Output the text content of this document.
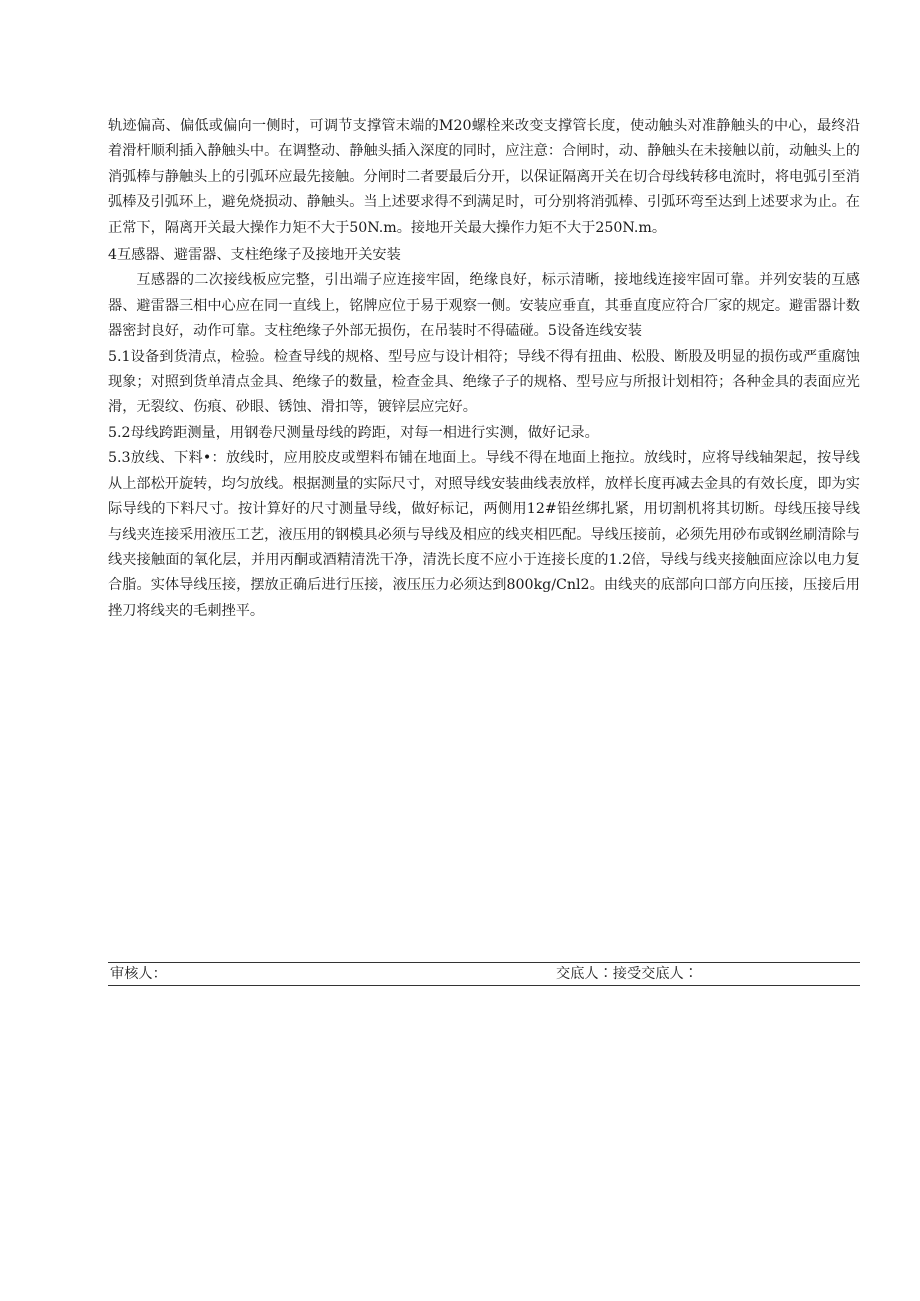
轨迹偏高、偏低或偏向一侧时，可调节支撑管末端的M20螺栓来改变支撑管长度，使动触头对准静触头的中心，最终沿着滑杆顺利插入静触头中。在调整动、静触头插入深度的同时，应注意：合闸时，动、静触头在未接触以前，动触头上的消弧棒与静触头上的引弧环应最先接触。分闸时二者要最后分开，以保证隔离开关在切合母线转移电流时，将电弧引至消弧棒及引弧环上，避免烧损动、静触头。当上述要求得不到满足时，可分别将消弧棒、引弧环弯至达到上述要求为止。在正常下，隔离开关最大操作力矩不大于50N.m。接地开关最大操作力矩不大于250N.m。

4互感器、避雷器、支柱绝缘子及接地开关安装

互感器的二次接线板应完整，引出端子应连接牢固，绝缘良好，标示清晰，接地线连接牢固可靠。并列安装的互感器、避雷器三相中心应在同一直线上，铭牌应位于易于观察一侧。安装应垂直，其垂直度应符合厂家的规定。避雷器计数器密封良好，动作可靠。支柱绝缘子外部无损伤，在吊装时不得磕碰。5设备连线安装

5.1设备到货清点，检验。检查导线的规格、型号应与设计相符；导线不得有扭曲、松股、断股及明显的损伤或严重腐蚀现象；对照到货单清点金具、绝缘子的数量，检查金具、绝缘子子的规格、型号应与所报计划相符；各种金具的表面应光滑，无裂纹、伤痕、砂眼、锈蚀、滑扣等，镀锌层应完好。

5.2母线跨距测量，用钢卷尺测量母线的跨距，对每一相进行实测，做好记录。

5.3放线、下料•：放线时，应用胶皮或塑料布铺在地面上。导线不得在地面上拖拉。放线时，应将导线轴架起，按导线从上部松开旋转，均匀放线。根据测量的实际尺寸，对照导线安装曲线表放样，放样长度再减去金具的有效长度，即为实际导线的下料尺寸。按计算好的尺寸测量导线，做好标记，两侧用12#铅丝绑扎紧，用切割机将其切断。母线压接导线与线夹连接采用液压工艺，液压用的钢模具必须与导线及相应的线夹相匹配。导线压接前，必须先用砂布或钢丝刷清除与线夹接触面的氧化层，并用丙酮或酒精清洗干净，清洗长度不应小于连接长度的1.2倍，导线与线夹接触面应涂以电力复合脂。实体导线压接，摆放正确后进行压接，液压压力必须达到800kg∕Cnl2。由线夹的底部向口部方向压接，压接后用挫刀将线夹的毛刺挫平。

审核人：	交底人∶接受交底人∶
